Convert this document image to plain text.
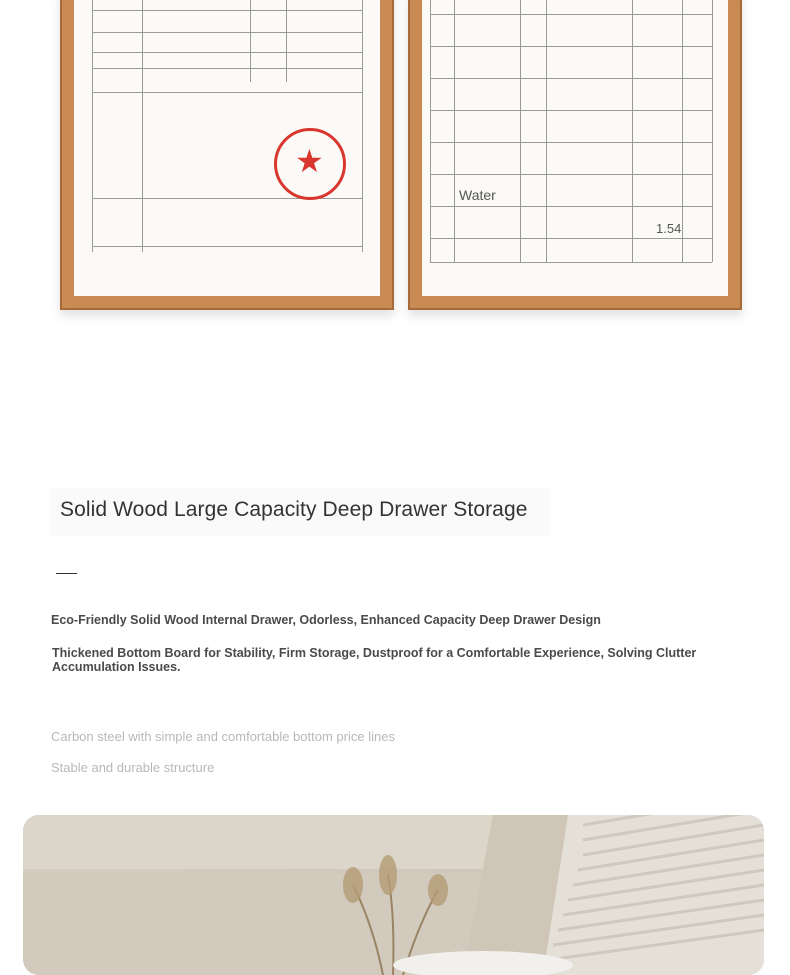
★
Water
1.54
Solid Wood Large Capacity Deep Drawer Storage
Eco-Friendly Solid Wood Internal Drawer, Odorless, Enhanced Capacity Deep Drawer Design
Thickened Bottom Board for Stability, Firm Storage, Dustproof for a Comfortable Experience, Solving Clutter Accumulation Issues.
Carbon steel with simple and comfortable bottom price lines
Stable and durable structure
